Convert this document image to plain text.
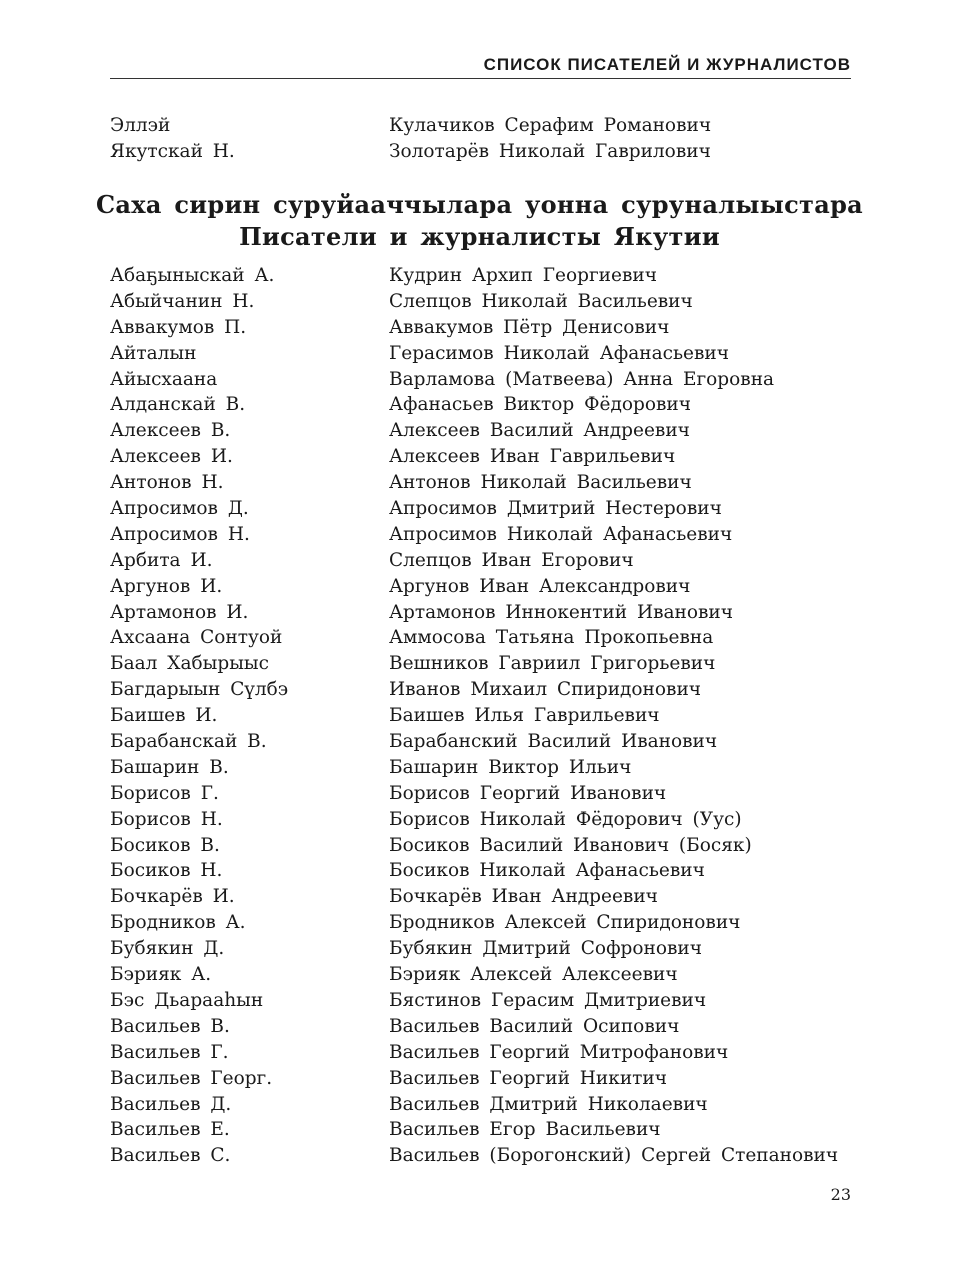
СПИСОК ПИСАТЕЛЕЙ И ЖУРНАЛИСТОВ
Эллэй	Кулачиков Серафим Романович
Якутскай Н.	Золотарёв Николай Гаврилович
Саха сирин суруйааччылара уонна суруналыыстара
Писатели и журналисты Якутии
Абаҕыныскай А.	Кудрин Архип Георгиевич
Абыйчанин Н.	Слепцов Николай Васильевич
Аввакумов П.	Аввакумов Пётр Денисович
Айталын	Герасимов Николай Афанасьевич
Айысхаана	Варламова (Матвеева) Анна Егоровна
Алданскай В.	Афанасьев Виктор Фёдорович
Алексеев В.	Алексеев Василий Андреевич
Алексеев И.	Алексеев Иван Гаврильевич
Антонов Н.	Антонов Николай Васильевич
Апросимов Д.	Апросимов Дмитрий Нестерович
Апросимов Н.	Апросимов Николай Афанасьевич
Арбита И.	Слепцов Иван Егорович
Аргунов И.	Аргунов Иван Александрович
Артамонов И.	Артамонов Иннокентий Иванович
Ахсаана Сонтуой	Аммосова Татьяна Прокопьевна
Баал Хабырыыс	Вешников Гавриил Григорьевич
Багдарыын Сүлбэ	Иванов Михаил Спиридонович
Баишев И.	Баишев Илья Гаврильевич
Барабанскай В.	Барабанский Василий Иванович
Башарин В.	Башарин Виктор Ильич
Борисов Г.	Борисов Георгий Иванович
Борисов Н.	Борисов Николай Фёдорович (Уус)
Босиков В.	Босиков Василий Иванович (Босяк)
Босиков Н.	Босиков Николай Афанасьевич
Бочкарёв И.	Бочкарёв Иван Андреевич
Бродников А.	Бродников Алексей Спиридонович
Бубякин Д.	Бубякин Дмитрий Софронович
Бэрияк А.	Бэрияк Алексей Алексеевич
Бэс Дьарааһын	Бястинов Герасим Дмитриевич
Васильев В.	Васильев Василий Осипович
Васильев Г.	Васильев Георгий Митрофанович
Васильев Георг.	Васильев Георгий Никитич
Васильев Д.	Васильев Дмитрий Николаевич
Васильев Е.	Васильев Егор Васильевич
Васильев С.	Васильев (Борогонский) Сергей Степанович
23
